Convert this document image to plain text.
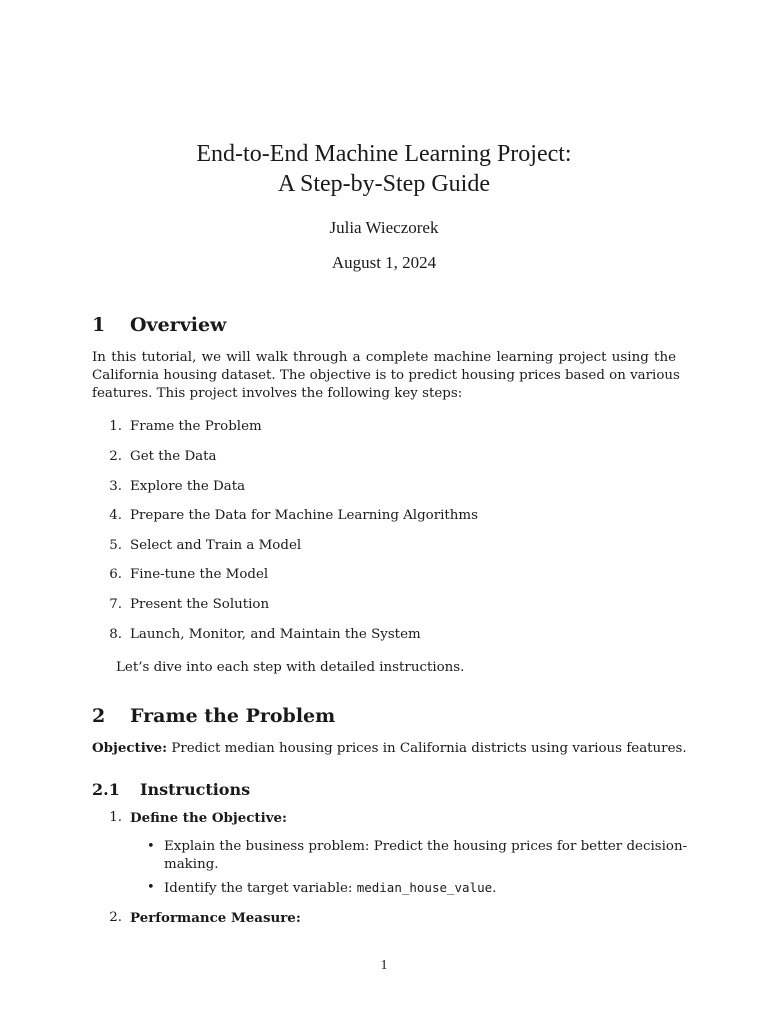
End-to-End Machine Learning Project:
A Step-by-Step Guide
Julia Wieczorek
August 1, 2024
1 Overview
In this tutorial, we will walk through a complete machine learning project using the
California housing dataset. The objective is to predict housing prices based on various
features. This project involves the following key steps:
1. Frame the Problem
2. Get the Data
3. Explore the Data
4. Prepare the Data for Machine Learning Algorithms
5. Select and Train a Model
6. Fine-tune the Model
7. Present the Solution
8. Launch, Monitor, and Maintain the System
Let’s dive into each step with detailed instructions.
2 Frame the Problem
Objective: Predict median housing prices in California districts using various features.
2.1 Instructions
1. Define the Objective:
• Explain the business problem: Predict the housing prices for better decision-
making.
• Identify the target variable: median_house_value.
2. Performance Measure:
1
